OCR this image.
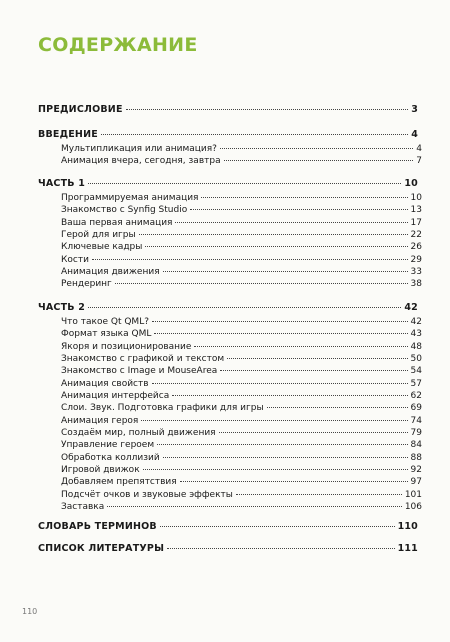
СОДЕРЖАНИЕ
ПРЕДИСЛОВИЕ	3
ВВЕДЕНИЕ	4
Мультипликация или анимация?	4
Анимация вчера, сегодня, завтра	7
ЧАСТЬ 1	10
Программируемая анимация	10
Знакомство с Synfig Studio	13
Ваша первая анимация	17
Герой для игры	22
Ключевые кадры	26
Кости	29
Анимация движения	33
Рендеринг	38
ЧАСТЬ 2	42
Что такое Qt QML?	42
Формат языка QML	43
Якоря и позиционирование	48
Знакомство с графикой и текстом	50
Знакомство с Image и MouseArea	54
Анимация свойств	57
Анимация интерфейса	62
Слои. Звук. Подготовка графики для игры	69
Анимация героя	74
Создаём мир, полный движения	79
Управление героем	84
Обработка коллизий	88
Игровой движок	92
Добавляем препятствия	97
Подсчёт очков и звуковые эффекты	101
Заставка	106
СЛОВАРЬ ТЕРМИНОВ	110
СПИСОК ЛИТЕРАТУРЫ	111
110
